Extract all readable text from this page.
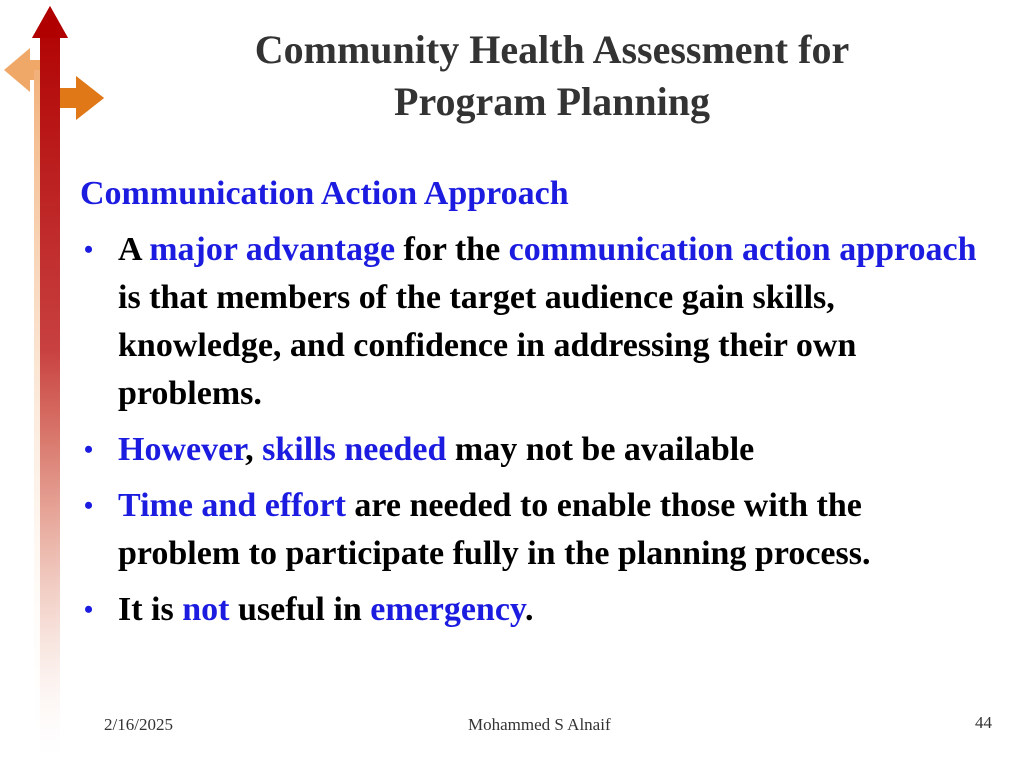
Community Health Assessment for
Program Planning
Communication Action Approach
• A major advantage for the communication action approach is that members of the target audience gain skills, knowledge, and confidence in addressing their own problems.
• However, skills needed may not be available
• Time and effort are needed to enable those with the problem to participate fully in the planning process.
• It is not useful in emergency.
2/16/2025	Mohammed S Alnaif	44
